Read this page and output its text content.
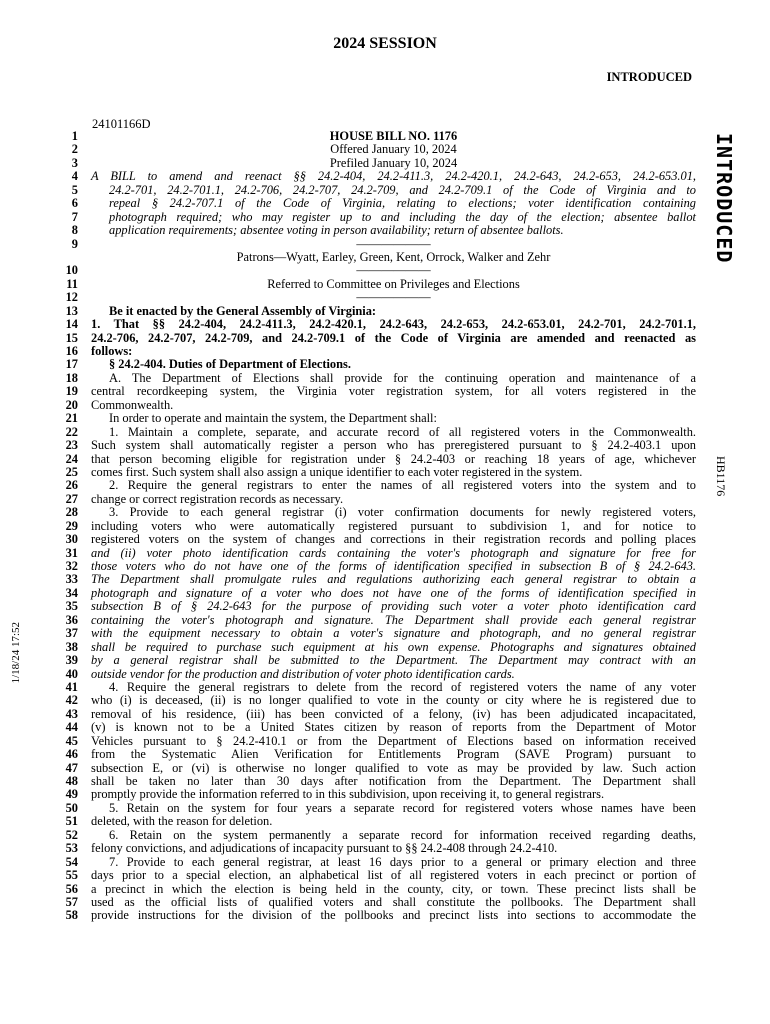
2024 SESSION
INTRODUCED
24101166D
INTRODUCED
HB1176
1/18/24 17:52
1	HOUSE BILL NO. 1176
2	Offered January 10, 2024
3	Prefiled January 10, 2024
4 A BILL to amend and reenact §§ 24.2-404, 24.2-411.3, 24.2-420.1, 24.2-643, 24.2-653, 24.2-653.01,
5	24.2-701, 24.2-701.1, 24.2-706, 24.2-707, 24.2-709, and 24.2-709.1 of the Code of Virginia and to
6	repeal § 24.2-707.1 of the Code of Virginia, relating to elections; voter identification containing
7	photograph required; who may register up to and including the day of the election; absentee ballot
8	application requirements; absentee voting in person availability; return of absentee ballots.
9	——————
Patrons—Wyatt, Earley, Green, Kent, Orrock, Walker and Zehr
10	——————
11	Referred to Committee on Privileges and Elections
12	——————
13	Be it enacted by the General Assembly of Virginia:
14 1. That §§ 24.2-404, 24.2-411.3, 24.2-420.1, 24.2-643, 24.2-653, 24.2-653.01, 24.2-701, 24.2-701.1,
15 24.2-706, 24.2-707, 24.2-709, and 24.2-709.1 of the Code of Virginia are amended and reenacted as
16 follows:
17	§ 24.2-404. Duties of Department of Elections.
18	A. The Department of Elections shall provide for the continuing operation and maintenance of a
19 central recordkeeping system, the Virginia voter registration system, for all voters registered in the
20 Commonwealth.
21	In order to operate and maintain the system, the Department shall:
22	1. Maintain a complete, separate, and accurate record of all registered voters in the Commonwealth.
23 Such system shall automatically register a person who has preregistered pursuant to § 24.2-403.1 upon
24 that person becoming eligible for registration under § 24.2-403 or reaching 18 years of age, whichever
25 comes first. Such system shall also assign a unique identifier to each voter registered in the system.
26	2. Require the general registrars to enter the names of all registered voters into the system and to
27 change or correct registration records as necessary.
28	3. Provide to each general registrar (i) voter confirmation documents for newly registered voters,
29 including voters who were automatically registered pursuant to subdivision 1, and for notice to
30 registered voters on the system of changes and corrections in their registration records and polling places
31 and (ii) voter photo identification cards containing the voter's photograph and signature for free for
32 those voters who do not have one of the forms of identification specified in subsection B of § 24.2-643.
33 The Department shall promulgate rules and regulations authorizing each general registrar to obtain a
34 photograph and signature of a voter who does not have one of the forms of identification specified in
35 subsection B of § 24.2-643 for the purpose of providing such voter a voter photo identification card
36 containing the voter's photograph and signature. The Department shall provide each general registrar
37 with the equipment necessary to obtain a voter's signature and photograph, and no general registrar
38 shall be required to purchase such equipment at his own expense. Photographs and signatures obtained
39 by a general registrar shall be submitted to the Department. The Department may contract with an
40 outside vendor for the production and distribution of voter photo identification cards.
41	4. Require the general registrars to delete from the record of registered voters the name of any voter
42 who (i) is deceased, (ii) is no longer qualified to vote in the county or city where he is registered due to
43 removal of his residence, (iii) has been convicted of a felony, (iv) has been adjudicated incapacitated,
44 (v) is known not to be a United States citizen by reason of reports from the Department of Motor
45 Vehicles pursuant to § 24.2-410.1 or from the Department of Elections based on information received
46 from the Systematic Alien Verification for Entitlements Program (SAVE Program) pursuant to
47 subsection E, or (vi) is otherwise no longer qualified to vote as may be provided by law. Such action
48 shall be taken no later than 30 days after notification from the Department. The Department shall
49 promptly provide the information referred to in this subdivision, upon receiving it, to general registrars.
50	5. Retain on the system for four years a separate record for registered voters whose names have been
51 deleted, with the reason for deletion.
52	6. Retain on the system permanently a separate record for information received regarding deaths,
53 felony convictions, and adjudications of incapacity pursuant to §§ 24.2-408 through 24.2-410.
54	7. Provide to each general registrar, at least 16 days prior to a general or primary election and three
55 days prior to a special election, an alphabetical list of all registered voters in each precinct or portion of
56 a precinct in which the election is being held in the county, city, or town. These precinct lists shall be
57 used as the official lists of qualified voters and shall constitute the pollbooks. The Department shall
58 provide instructions for the division of the pollbooks and precinct lists into sections to accommodate the
